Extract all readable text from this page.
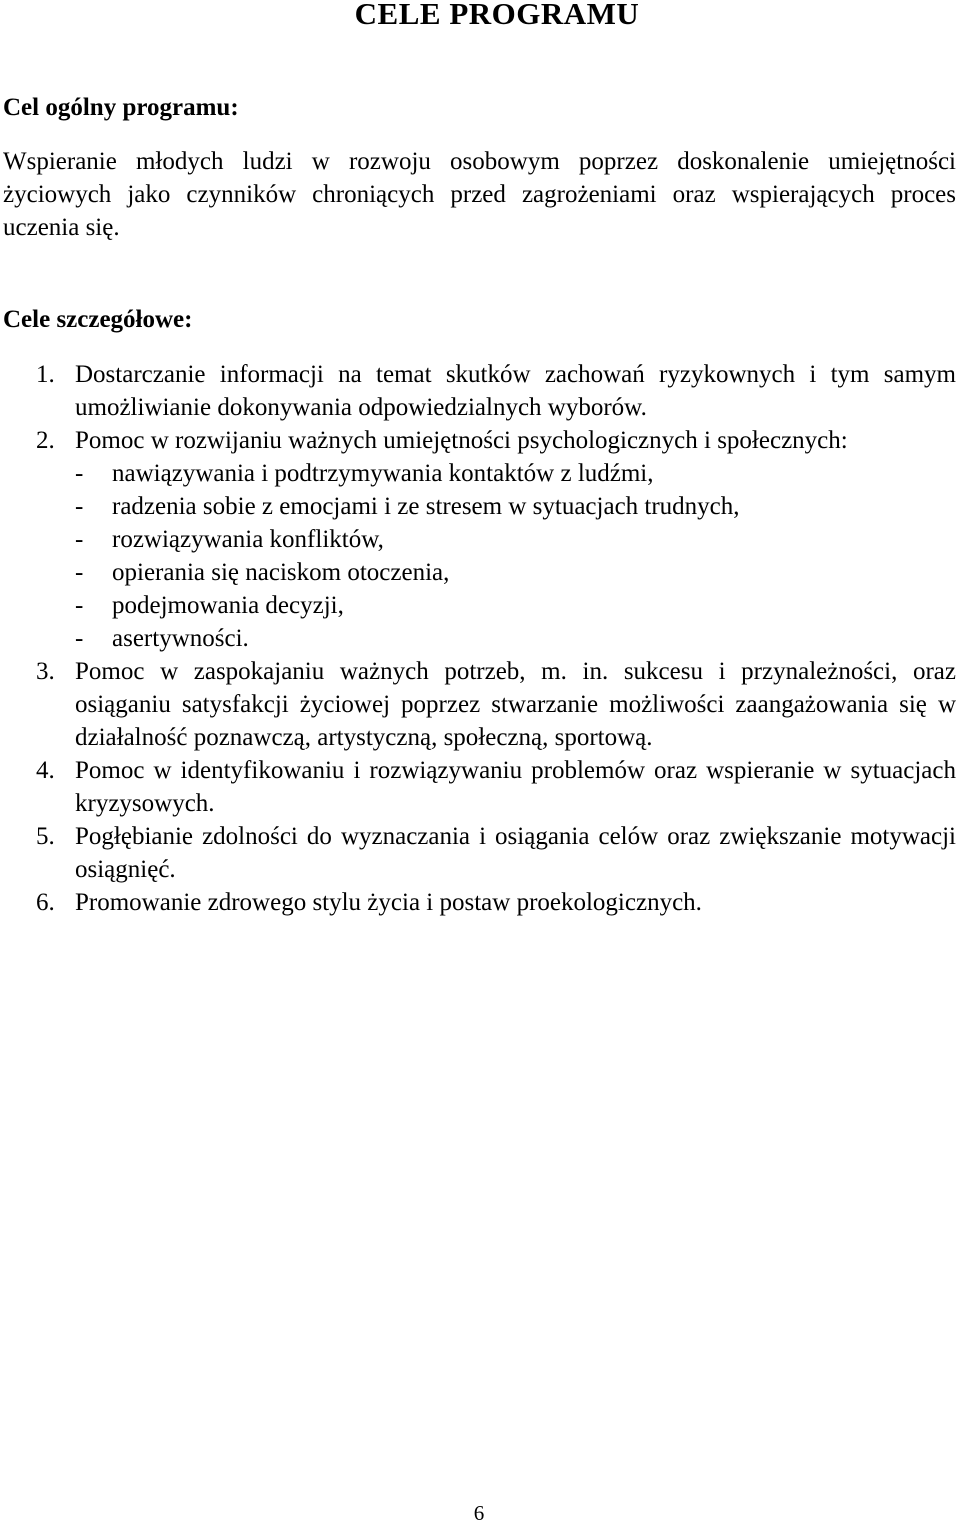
CELE PROGRAMU
Cel ogólny programu:

Wspieranie młodych ludzi w rozwoju osobowym poprzez doskonalenie umiejętności życiowych jako czynników chroniących przed zagrożeniami oraz wspierających proces uczenia się.

Cele szczegółowe:
1. Dostarczanie informacji na temat skutków zachowań ryzykownych i tym samym umożliwianie dokonywania odpowiedzialnych wyborów.
2. Pomoc w rozwijaniu ważnych umiejętności psychologicznych i społecznych:
- nawiązywania i podtrzymywania kontaktów z ludźmi,
- radzenia sobie z emocjami i ze stresem w sytuacjach trudnych,
- rozwiązywania konfliktów,
- opierania się naciskom otoczenia,
- podejmowania decyzji,
- asertywności.
3. Pomoc w zaspokajaniu ważnych potrzeb, m. in. sukcesu i przynależności, oraz osiąganiu satysfakcji życiowej poprzez stwarzanie możliwości zaangażowania się w działalność poznawczą, artystyczną, społeczną, sportową.
4. Pomoc w identyfikowaniu i rozwiązywaniu problemów oraz wspieranie w sytuacjach kryzysowych.
5. Pogłębianie zdolności do wyznaczania i osiągania celów oraz zwiększanie motywacji osiągnięć.
6. Promowanie zdrowego stylu życia i postaw proekologicznych.
6
